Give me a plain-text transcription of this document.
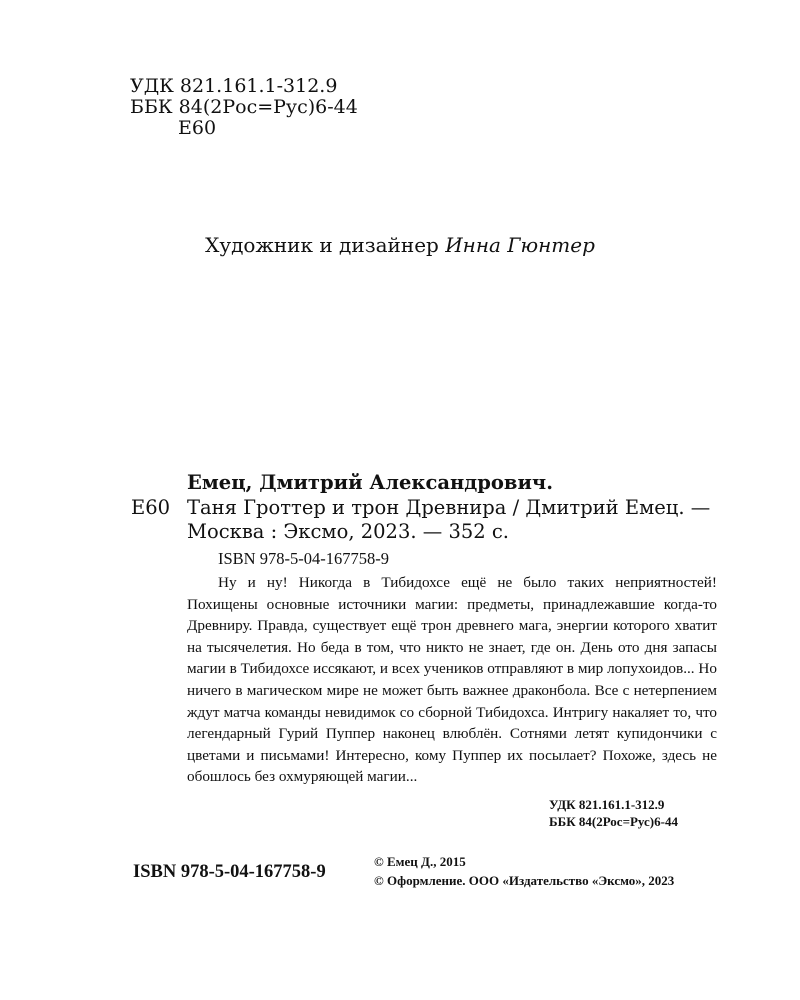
УДК 821.161.1-312.9
ББК 84(2Рос=Рус)6-44
Е60
Художник и дизайнер Инна Гюнтер
Емец, Дмитрий Александрович.
Е60 Таня Гроттер и трон Древнира / Дмитрий Емец. —
Москва : Эксмо, 2023. — 352 с.
ISBN 978-5-04-167758-9

Ну и ну! Никогда в Тибидохсе ещё не было таких неприятностей! Похищены основные источники магии: предметы, принадлежавшие когда-то Древниру. Правда, существует ещё трон древнего мага, энергии которого хватит на тысячелетия. Но беда в том, что никто не знает, где он. День ото дня запасы магии в Тибидохсе иссякают, и всех учеников отправляют в мир лопухоидов... Но ничего в магическом мире не может быть важнее драконбола. Все с нетерпением ждут матча команды невидимок со сборной Тибидохса. Интригу накаляет то, что легендарный Гурий Пуппер наконец влюблён. Сотнями летят купидончики с цветами и письмами! Интересно, кому Пуппер их посылает? Похоже, здесь не обошлось без охмуряющей магии...

УДК 821.161.1-312.9
ББК 84(2Рос=Рус)6-44
ISBN 978-5-04-167758-9
© Емец Д., 2015
© Оформление. ООО «Издательство «Эксмо», 2023
